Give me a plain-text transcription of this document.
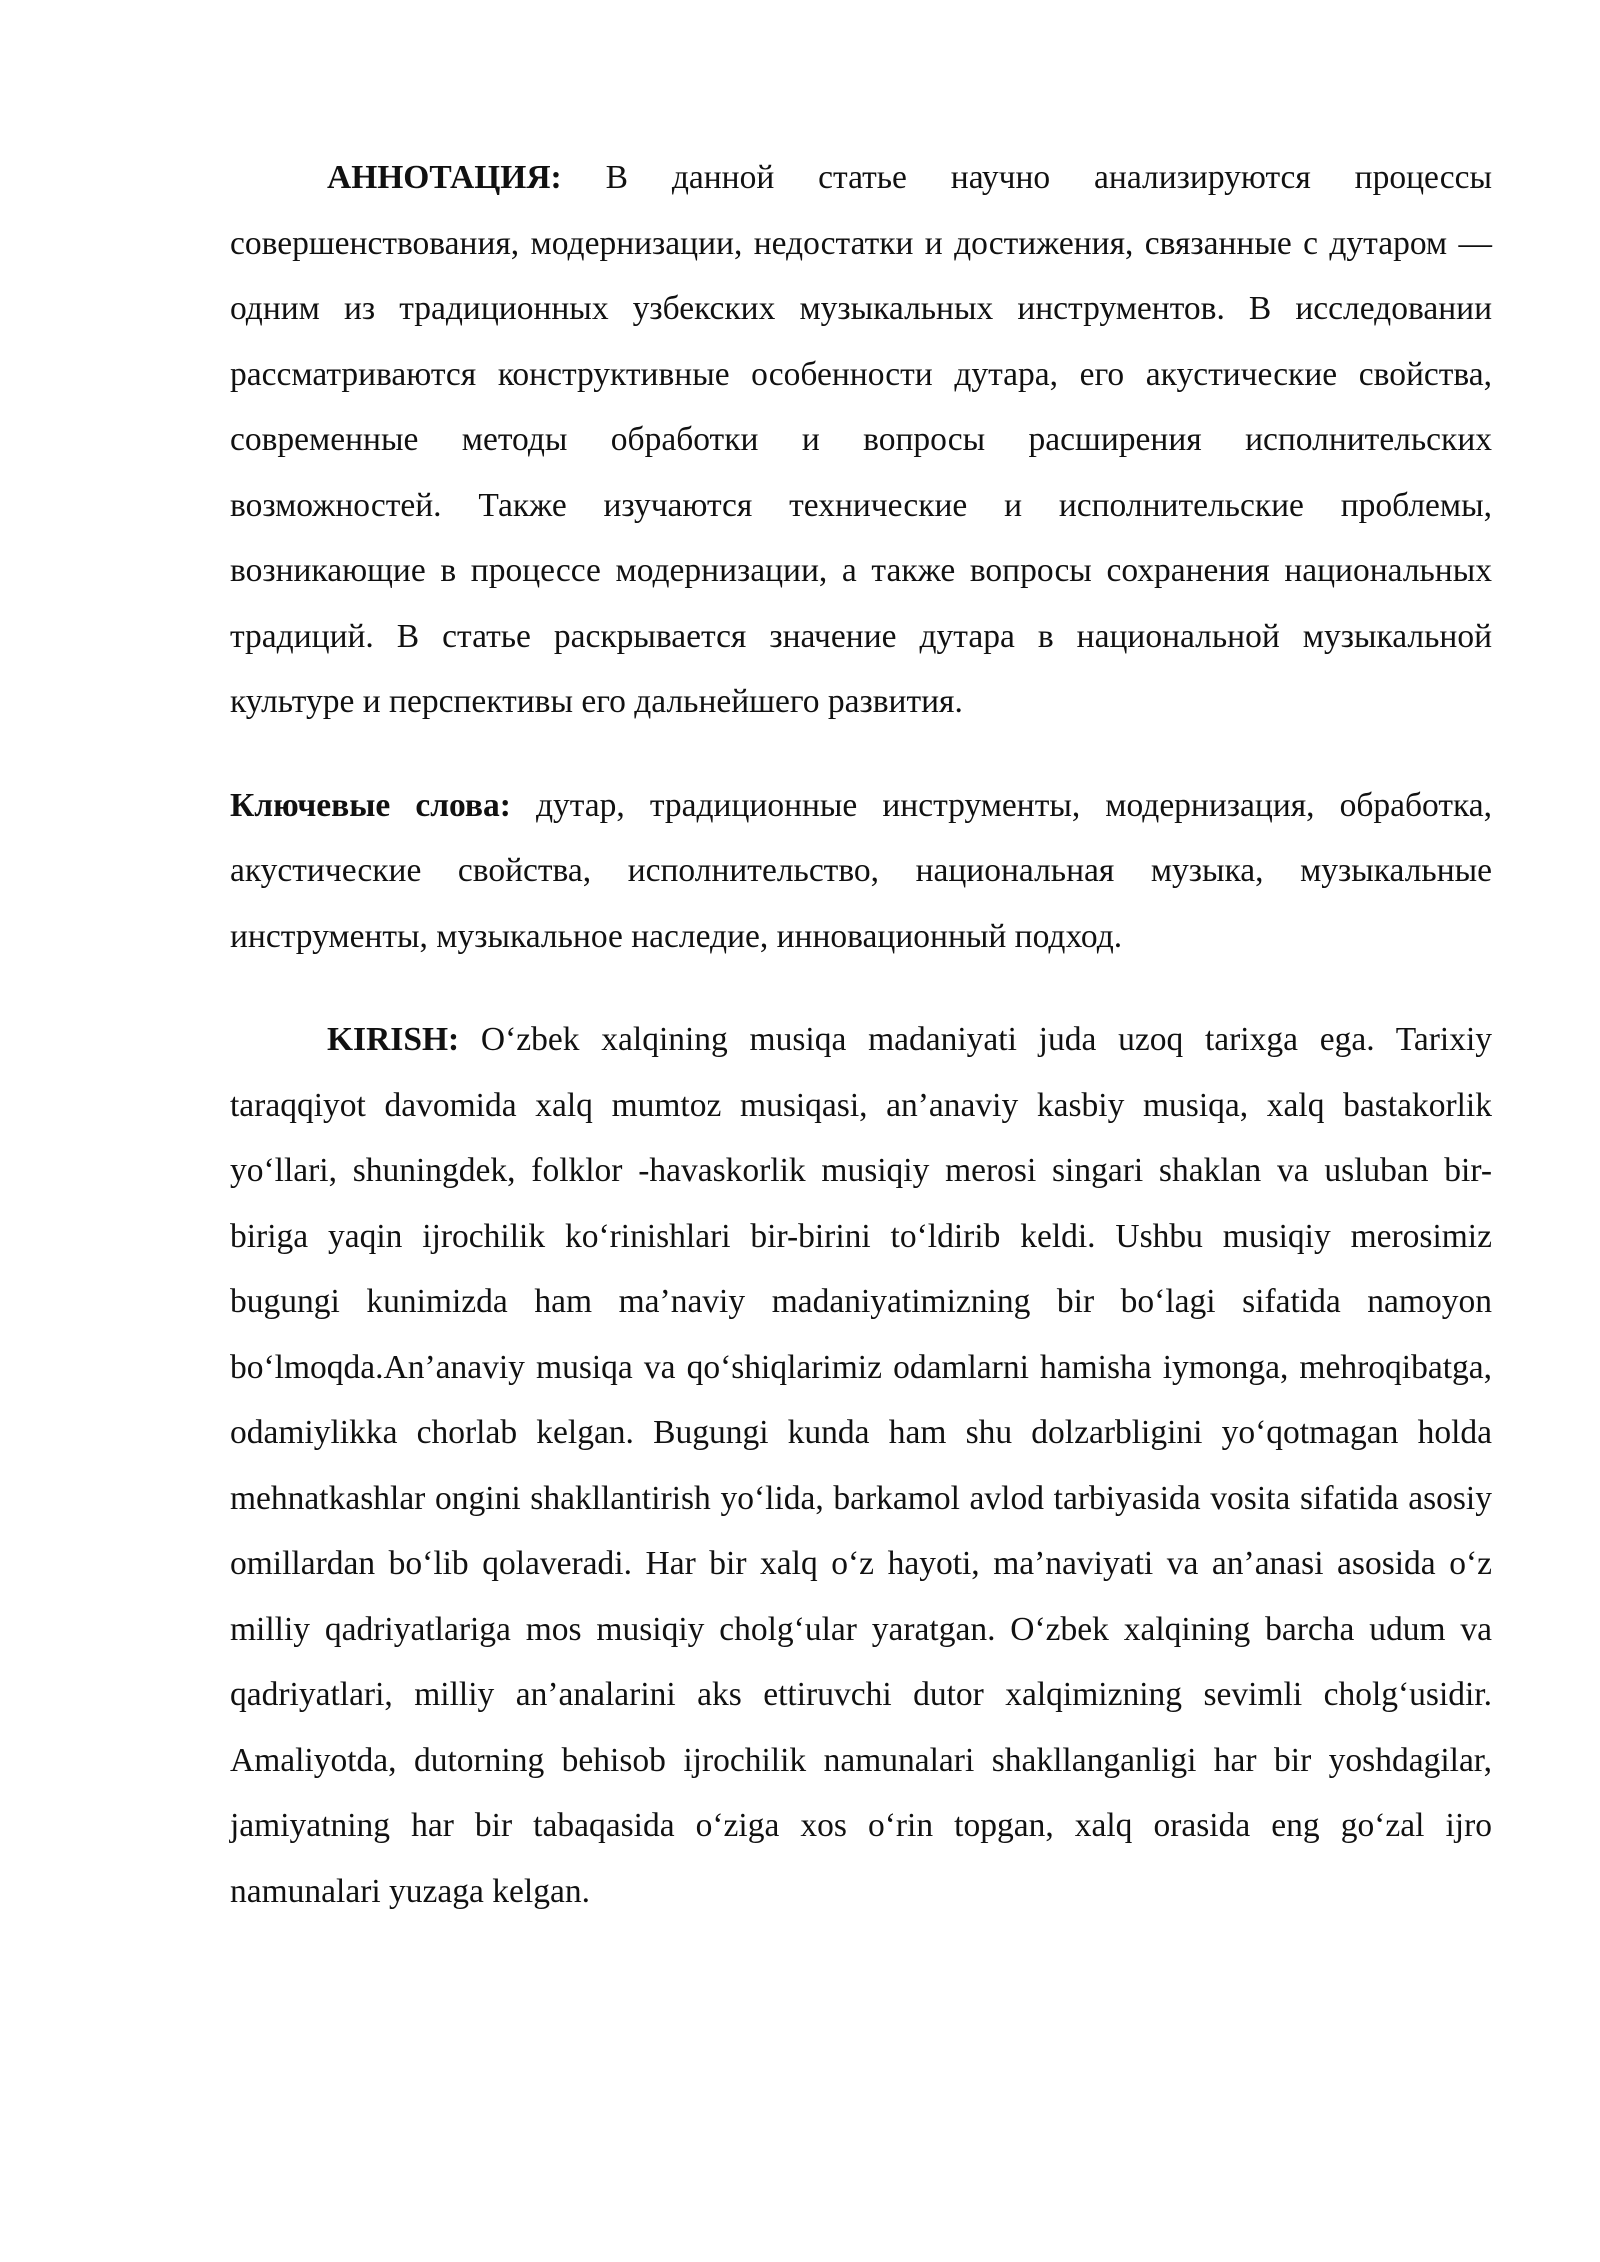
АННОТАЦИЯ: В данной статье научно анализируются процессы совершенствования, модернизации, недостатки и достижения, связанные с дутаром — одним из традиционных узбекских музыкальных инструментов. В исследовании рассматриваются конструктивные особенности дутара, его акустические свойства, современные методы обработки и вопросы расширения исполнительских возможностей. Также изучаются технические и исполнительские проблемы, возникающие в процессе модернизации, а также вопросы сохранения национальных традиций. В статье раскрывается значение дутара в национальной музыкальной культуре и перспективы его дальнейшего развития.

Ключевые слова: дутар, традиционные инструменты, модернизация, обработка, акустические свойства, исполнительство, национальная музыка, музыкальные инструменты, музыкальное наследие, инновационный подход.

KIRISH: Oʻzbek xalqining musiqa madaniyati juda uzoq tarixga ega. Tarixiy taraqqiyot davomida xalq mumtoz musiqasi, an’anaviy kasbiy musiqa, xalq bastakorlik yoʻllari, shuningdek, folklor -havaskorlik musiqiy merosi singari shaklan va usluban bir-biriga yaqin ijrochilik koʻrinishlari bir-birini toʻldirib keldi. Ushbu musiqiy merosimiz bugungi kunimizda ham ma’naviy madaniyatimizning bir boʻlagi sifatida namoyon boʻlmoqda.An’anaviy musiqa va qoʻshiqlarimiz odamlarni hamisha iymonga, mehroqibatga, odamiylikka chorlab kelgan. Bugungi kunda ham shu dolzarbligini yoʻqotmagan holda mehnatkashlar ongini shakllantirish yoʻlida, barkamol avlod tarbiyasida vosita sifatida asosiy omillardan boʻlib qolaveradi. Har bir xalq oʻz hayoti, ma’naviyati va an’anasi asosida oʻz milliy qadriyatlariga mos musiqiy cholgʻular yaratgan. Oʻzbek xalqining barcha udum va qadriyatlari, milliy an’analarini aks ettiruvchi dutor xalqimizning sevimli cholgʻusidir. Amaliyotda, dutorning behisob ijrochilik namunalari shakllanganligi har bir yoshdagilar, jamiyatning har bir tabaqasida oʻziga xos oʻrin topgan, xalq orasida eng goʻzal ijro namunalari yuzaga kelgan.
